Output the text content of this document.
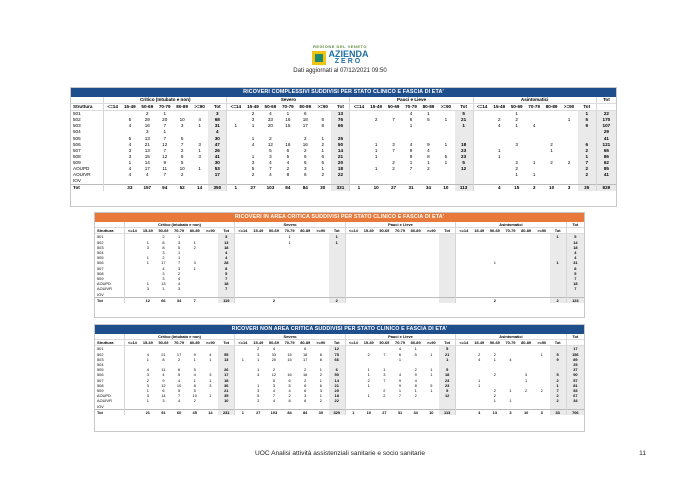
REGIONE DEL VENETO
AZIENDA
ZERO
Dati aggiornati al 07/12/2021 09:50
RICOVERI COMPLESSIVI SUDDIVISI PER STATO CLINICO E FASCIA DI ETA'
	Critico (Intubato e non)							Severo							Pauci e Lieve							Asintomatici							Tot
Struttura	<=14	15-49	50-69	70-79	80-89	>=90	Tot	<=14	15-49	50-69	70-79	80-89	>=90	Tot	<=14	15-49	50-69	70-79	80-89	>=90	Tot	<=14	15-49	50-69	70-79	80-89	>=90	Tot	
501			2	1			3		2	4	1	6		13				4	1		5			1				1	22
502		5	29	20	10	4	68		3	33	16	18	6	76		2	7	6	5	1	21		2	2			1	5	170
503		4	16	7	3	1	31	1	1	20	15	17	8	66				1			1		4	1	4			9	107
504			3	1			4																						29
505		5	13	7	5		30		1	2		2	1	25															41
506		4	21	12	7	3	47		4	12	16	16	2	50		1	3	4	9	1	18			3		2		6	121
507		3	13	7	2	1	26			5	6	2	1	14		1	7	9	4		23		1			1		2	65
508		3	15	12	8	3	41		1	3	5	6	6	21		1		9	8	5	23		1					1	86
509		1	14	9	5		30		3	4	4	6	5	20			2	1	1	1	5			2	1	2	2	7	62
AOUPD		4	17	11	10	1	53		5	7	2	3	1	18		1	2	7	2		12			2				2	85
AOUIVR		4	4	7	2		17		2	4	8	6	2	22										1	1			2	41
IOV																													
Tot		33	157	94	52	14	350	1	27	103	84	84	30	331	1	10	27	31	34	10	113		4	15	3	10	3	35	829
RICOVERI IN AREA CRITICA SUDDIVISI PER STATO CLINICO E FASCIA DI ETA'
	Critico (Intubato e non)							Severo							Pauci e Lieve							Asintomatici							Tot
Struttura	<=14	15-49	50-69	70-79	80-89	>=90	Tot	<=14	15-49	50-69	70-79	80-89	>=90	Tot	<=14	15-49	50-69	70-79	80-89	>=90	Tot	<=14	15-49	50-69	70-79	80-89	>=90	Tot	
501			2	1			3				1			1														1	5
502		1	8	3	1		13				1			1															14
503		3	8	5	2		18																						18
504			3	1			4																						4
505		1	2	1			4																						4
506		1	17	7	3		28																	1				1	31
507			4	3	1		8																						8
508			3	2			5																						5
509			3	4			7																						7
AOUPD		1	13	4			18																						18
AOUIVR		3	1	3			7																						7
IOV																													
Tot		12	66	34	7		119			2				2										2				2	123
RICOVERI NON AREA CRITICA SUDDIVISI PER STATO CLINICO E FASCIA DI ETA'
	Critico (Intubato e non)							Severo							Pauci e Lieve							Asintomatici							Tot
Struttura	<=14	15-49	50-69	70-79	80-89	>=90	Tot	<=14	15-49	50-69	70-79	80-89	>=90	Tot	<=14	15-49	50-69	70-79	80-89	>=90	Tot	<=14	15-49	50-69	70-79	80-89	>=90	Tot	
501									2	4		6		12				4	1		5								17
502		4	21	17	9	4	55		3	33	15	18	6	75		2	7	6	5	1	21		2	2			1	5	156
503		1	8	2	1	1	13	1	1	20	15	17	8	66				1			1		4	1	4			9	89
504																													25
505		4	11	6	5		26		1	2		2	1	6		1	1		2	1	5								37
506		3	4	5	4	3	17		4	12	16	16	2	50		1	3	4	9	1	18			2		3		5	90
507		2	9	4	1	1	18			5	6	2	1	14		2	7	9	4		23		1			1		2	57
508		3	12	10	8	3	36		1	3	5	6	6	21		1		9	8	5	23		1					1	81
509		1	6	5	5		21		3	4	4	6	3	20			2	1	1	1	5			2	1	2	2	7	53
AOUPD		3	14	7	10	1	35		5	7	2	3	1	18		1	2	7	2		12			2				2	67
AOUIVR		1	3	4	2		10		2	4	8	6	2	22										1	1			2	34
IOV																													
Tot		21	91	60	45	14	231	1	27	103	84	84	30	329	1	10	27	31	34	10	113		4	13	3	10	3	33	706
UOC Analisi attività assistenziali sanitarie e socio sanitarie	11
